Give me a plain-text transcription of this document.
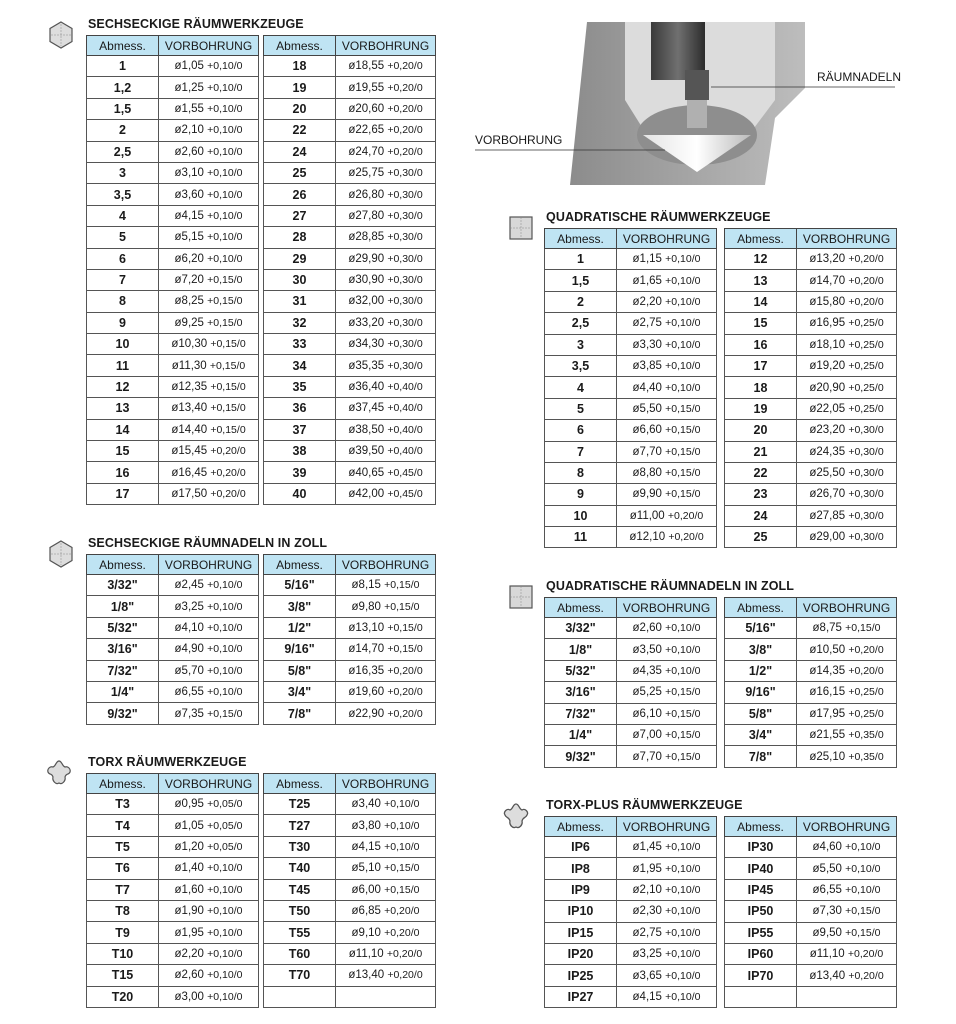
RÄUMNADELN
VORBOHRUNG
SECHSECKIGE RÄUMWERKZEUGE
Abmess.	VORBOHRUNG
1	ø1,05 +0,10/0
1,2	ø1,25 +0,10/0
1,5	ø1,55 +0,10/0
2	ø2,10 +0,10/0
2,5	ø2,60 +0,10/0
3	ø3,10 +0,10/0
3,5	ø3,60 +0,10/0
4	ø4,15 +0,10/0
5	ø5,15 +0,10/0
6	ø6,20 +0,10/0
7	ø7,20 +0,15/0
8	ø8,25 +0,15/0
9	ø9,25 +0,15/0
10	ø10,30 +0,15/0
11	ø11,30 +0,15/0
12	ø12,35 +0,15/0
13	ø13,40 +0,15/0
14	ø14,40 +0,15/0
15	ø15,45 +0,20/0
16	ø16,45 +0,20/0
17	ø17,50 +0,20/0
Abmess.	VORBOHRUNG
18	ø18,55 +0,20/0
19	ø19,55 +0,20/0
20	ø20,60 +0,20/0
22	ø22,65 +0,20/0
24	ø24,70 +0,20/0
25	ø25,75 +0,30/0
26	ø26,80 +0,30/0
27	ø27,80 +0,30/0
28	ø28,85 +0,30/0
29	ø29,90 +0,30/0
30	ø30,90 +0,30/0
31	ø32,00 +0,30/0
32	ø33,20 +0,30/0
33	ø34,30 +0,30/0
34	ø35,35 +0,30/0
35	ø36,40 +0,40/0
36	ø37,45 +0,40/0
37	ø38,50 +0,40/0
38	ø39,50 +0,40/0
39	ø40,65 +0,45/0
40	ø42,00 +0,45/0
SECHSECKIGE RÄUMNADELN IN ZOLL
Abmess.	VORBOHRUNG
3/32"	ø2,45 +0,10/0
1/8"	ø3,25 +0,10/0
5/32"	ø4,10 +0,10/0
3/16"	ø4,90 +0,10/0
7/32"	ø5,70 +0,10/0
1/4"	ø6,55 +0,10/0
9/32"	ø7,35 +0,15/0
Abmess.	VORBOHRUNG
5/16"	ø8,15 +0,15/0
3/8"	ø9,80 +0,15/0
1/2"	ø13,10 +0,15/0
9/16"	ø14,70 +0,15/0
5/8"	ø16,35 +0,20/0
3/4"	ø19,60 +0,20/0
7/8"	ø22,90 +0,20/0
TORX RÄUMWERKZEUGE
Abmess.	VORBOHRUNG
T3	ø0,95 +0,05/0
T4	ø1,05 +0,05/0
T5	ø1,20 +0,05/0
T6	ø1,40 +0,10/0
T7	ø1,60 +0,10/0
T8	ø1,90 +0,10/0
T9	ø1,95 +0,10/0
T10	ø2,20 +0,10/0
T15	ø2,60 +0,10/0
T20	ø3,00 +0,10/0
Abmess.	VORBOHRUNG
T25	ø3,40 +0,10/0
T27	ø3,80 +0,10/0
T30	ø4,15 +0,10/0
T40	ø5,10 +0,15/0
T45	ø6,00 +0,15/0
T50	ø6,85 +0,20/0
T55	ø9,10 +0,20/0
T60	ø11,10 +0,20/0
T70	ø13,40 +0,20/0

QUADRATISCHE RÄUMWERKZEUGE
Abmess.	VORBOHRUNG
1	ø1,15 +0,10/0
1,5	ø1,65 +0,10/0
2	ø2,20 +0,10/0
2,5	ø2,75 +0,10/0
3	ø3,30 +0,10/0
3,5	ø3,85 +0,10/0
4	ø4,40 +0,10/0
5	ø5,50 +0,15/0
6	ø6,60 +0,15/0
7	ø7,70 +0,15/0
8	ø8,80 +0,15/0
9	ø9,90 +0,15/0
10	ø11,00 +0,20/0
11	ø12,10 +0,20/0
Abmess.	VORBOHRUNG
12	ø13,20 +0,20/0
13	ø14,70 +0,20/0
14	ø15,80 +0,20/0
15	ø16,95 +0,25/0
16	ø18,10 +0,25/0
17	ø19,20 +0,25/0
18	ø20,90 +0,25/0
19	ø22,05 +0,25/0
20	ø23,20 +0,30/0
21	ø24,35 +0,30/0
22	ø25,50 +0,30/0
23	ø26,70 +0,30/0
24	ø27,85 +0,30/0
25	ø29,00 +0,30/0
QUADRATISCHE RÄUMNADELN IN ZOLL
Abmess.	VORBOHRUNG
3/32"	ø2,60 +0,10/0
1/8"	ø3,50 +0,10/0
5/32"	ø4,35 +0,10/0
3/16"	ø5,25 +0,15/0
7/32"	ø6,10 +0,15/0
1/4"	ø7,00 +0,15/0
9/32"	ø7,70 +0,15/0
Abmess.	VORBOHRUNG
5/16"	ø8,75 +0,15/0
3/8"	ø10,50 +0,20/0
1/2"	ø14,35 +0,20/0
9/16"	ø16,15 +0,25/0
5/8"	ø17,95 +0,25/0
3/4"	ø21,55 +0,35/0
7/8"	ø25,10 +0,35/0
TORX-PLUS RÄUMWERKZEUGE
Abmess.	VORBOHRUNG
IP6	ø1,45 +0,10/0
IP8	ø1,95 +0,10/0
IP9	ø2,10 +0,10/0
IP10	ø2,30 +0,10/0
IP15	ø2,75 +0,10/0
IP20	ø3,25 +0,10/0
IP25	ø3,65 +0,10/0
IP27	ø4,15 +0,10/0
Abmess.	VORBOHRUNG
IP30	ø4,60 +0,10/0
IP40	ø5,50 +0,10/0
IP45	ø6,55 +0,10/0
IP50	ø7,30 +0,15/0
IP55	ø9,50 +0,15/0
IP60	ø11,10 +0,20/0
IP70	ø13,40 +0,20/0
